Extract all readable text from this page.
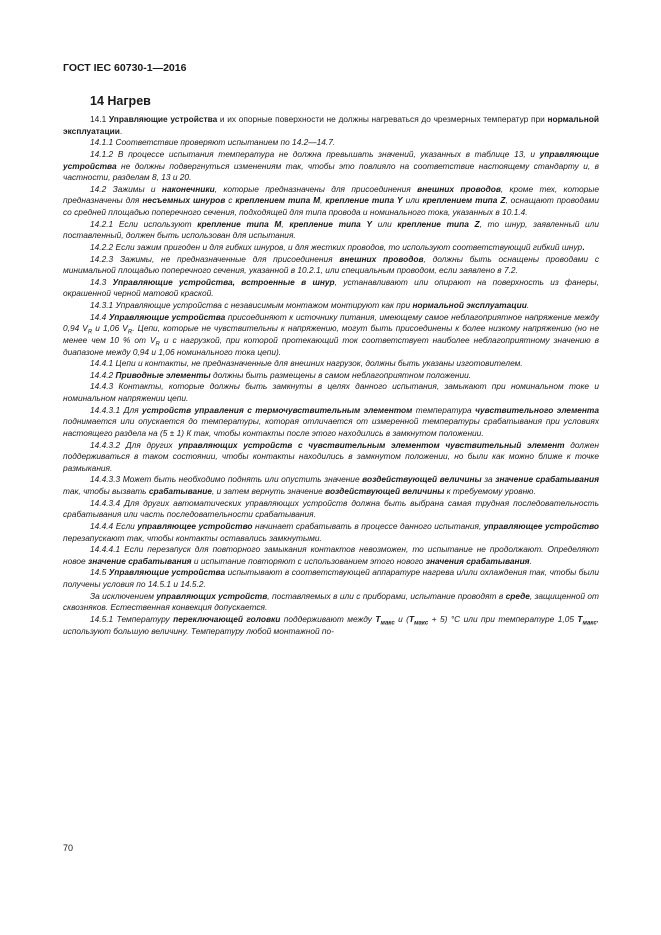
ГОСТ IEC 60730-1—2016
14 Нагрев

14.1 Управляющие устройства и их опорные поверхности не должны нагреваться до чрезмерных температур при нормальной эксплуатации.

14.1.1 Соответствие проверяют испытанием по 14.2—14.7.

14.1.2 В процессе испытания температура не должна превышать значений, указанных в таблице 13, и управляющие устройства не должны подвергнуться изменениям так, чтобы это повлияло на соответствие настоящему стандарту и, в частности, разделам 8, 13 и 20.

14.2 Зажимы и наконечники, которые предназначены для присоединения внешних проводов, кроме тех, которые предназначены для несъемных шнуров с креплением типа М, крепление типа Y или креплением типа Z, оснащают проводами со средней площадью поперечного сечения, подходящей для типа провода и номинального тока, указанных в 10.1.4.

14.2.1 Если используют крепление типа М, крепление типа Y или крепление типа Z, то шнур, заявленный или поставленный, должен быть использован для испытания.

14.2.2 Если зажим пригоден и для гибких шнуров, и для жестких проводов, то используют соответствующий гибкий шнур.

14.2.3 Зажимы, не предназначенные для присоединения внешних проводов, должны быть оснащены проводами с минимальной площадью поперечного сечения, указанной в 10.2.1, или специальным проводом, если заявлено в 7.2.

14.3 Управляющие устройства, встроенные в шнур, устанавливают или опирают на поверхность из фанеры, окрашенной черной матовой краской.

14.3.1 Управляющие устройства с независимым монтажом монтируют как при нормальной эксплуатации.

14.4 Управляющие устройства присоединяют к источнику питания, имеющему самое неблагоприятное напряжение между 0,94 $V_R$ и 1,06 $V_R$. Цепи, которые не чувствительны к напряжению, могут быть присоединены к более низкому напряжению (но не менее чем 10 % от $V_R$ и с нагрузкой, при которой протекающий ток соответствует наиболее неблагоприятному значению в диапазоне между 0,94 и 1,06 номинального тока цепи).

14.4.1 Цепи и контакты, не предназначенные для внешних нагрузок, должны быть указаны изготовителем.

14.4.2 Приводные элементы должны быть размещены в самом неблагоприятном положении.

14.4.3 Контакты, которые должны быть замкнуты в целях данного испытания, замыкают при номинальном токе и номинальном напряжении цепи.

14.4.3.1 Для устройств управления с термочувствительным элементом температура чувствительного элемента поднимается или опускается до температуры, которая отличается от измеренной температуры срабатывания при условиях настоящего раздела на (5 ± 1) К так, чтобы контакты после этого находились в замкнутом положении.

14.4.3.2 Для других управляющих устройств с чувствительным элементом чувствительный элемент должен поддерживаться в таком состоянии, чтобы контакты находились в замкнутом положении, но были как можно ближе к точке размыкания.

14.4.3.3 Может быть необходимо поднять или опустить значение воздействующей величины за значение срабатывания так, чтобы вызвать срабатывание, и затем вернуть значение воздействующей величины к требуемому уровню.

14.4.3.4 Для других автоматических управляющих устройств должна быть выбрана самая трудная последовательность срабатывания или часть последовательности срабатывания.

14.4.4 Если управляющее устройство начинает срабатывать в процессе данного испытания, управляющее устройство перезапускают так, чтобы контакты оставались замкнутыми.

14.4.4.1 Если перезапуск для повторного замыкания контактов невозможен, то испытание не продолжают. Определяют новое значение срабатывания и испытание повторяют с использованием этого нового значения срабатывания.

14.5 Управляющие устройства испытывают в соответствующей аппаратуре нагрева и/или охлаждения так, чтобы были получены условия по 14.5.1 и 14.5.2.

За исключением управляющих устройств, поставляемых в или с приборами, испытание проводят в среде, защищенной от сквозняков. Естественная конвекция допускается.

14.5.1 Температуру переключающей головки поддерживают между $T_{макс}$ и $(T_{макс} + 5)$ °С или при температуре 1,05 $T_{макс}$, используют большую величину. Температуру любой монтажной по-

70
